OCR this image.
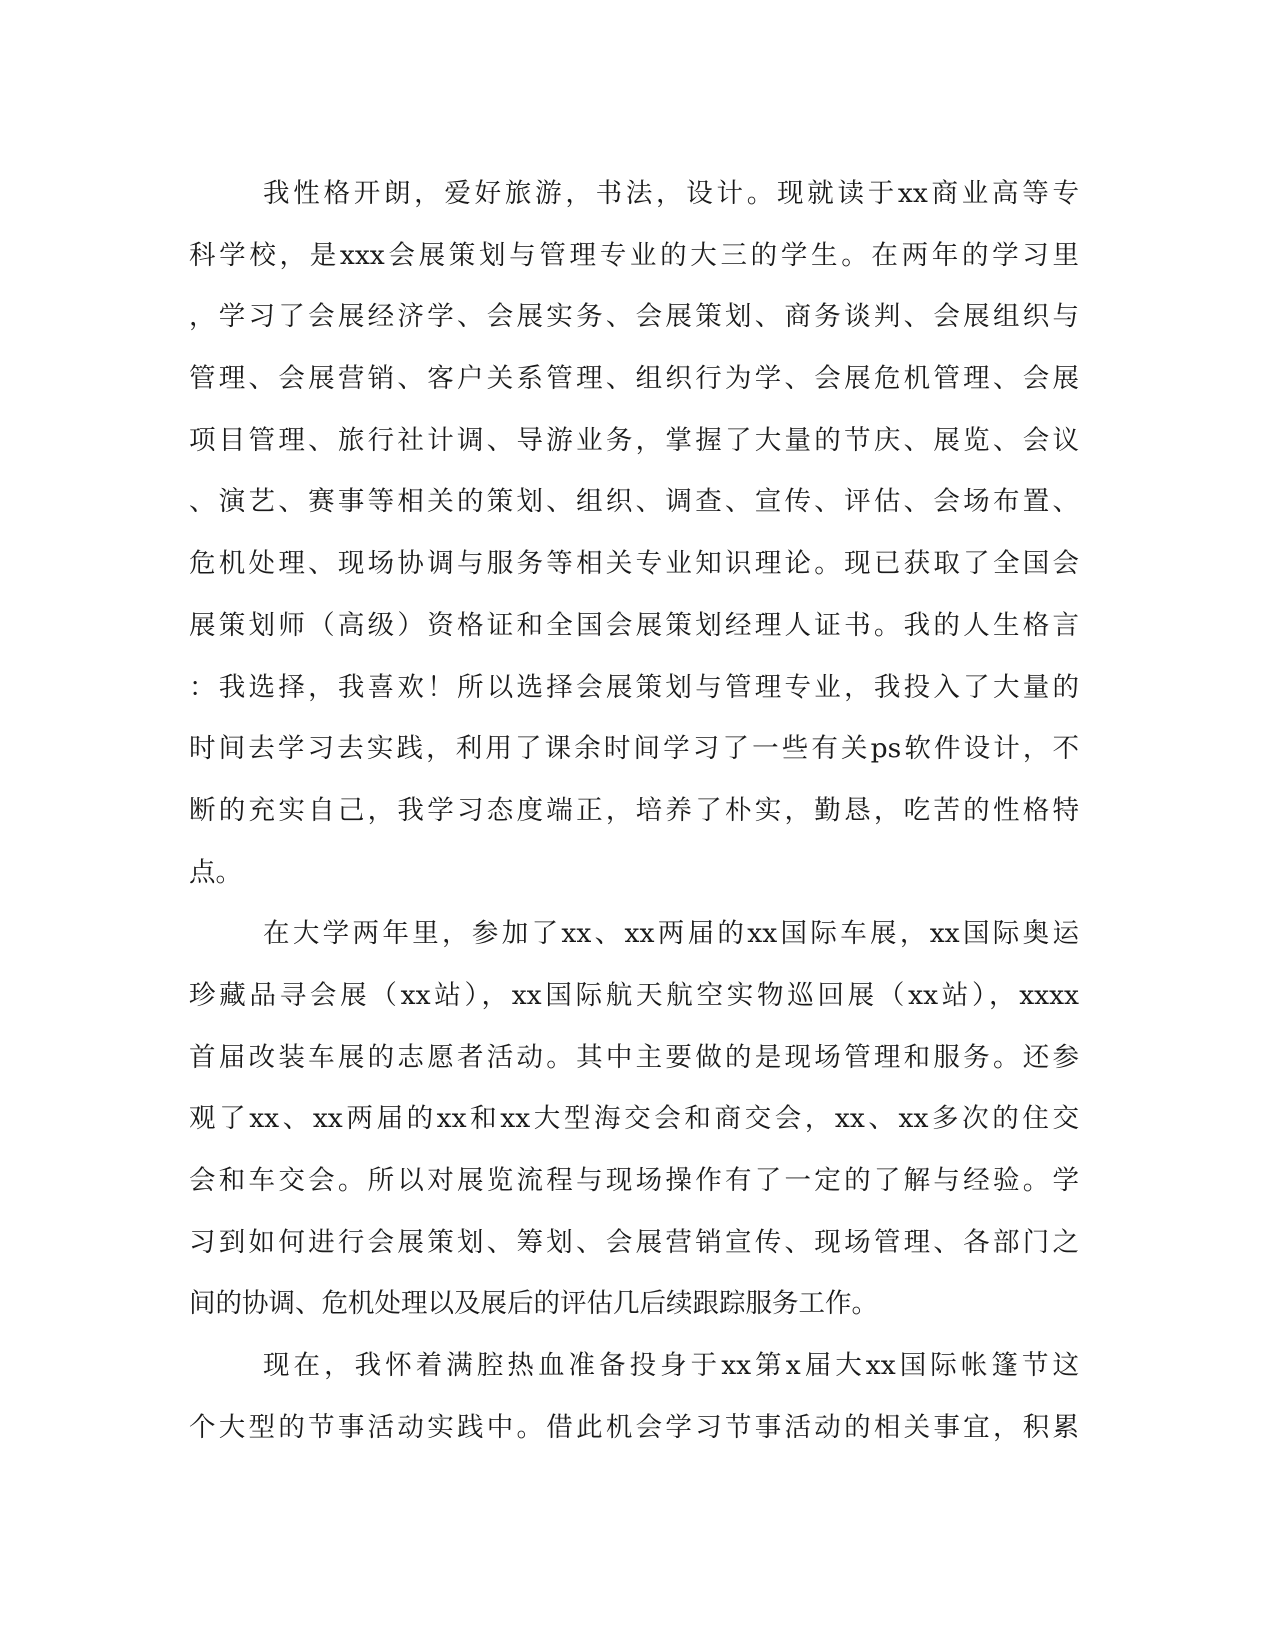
我性格开朗，爱好旅游，书法，设计。现就读于xx商业高等专
科学校，是xxx会展策划与管理专业的大三的学生。在两年的学习里
，学习了会展经济学、会展实务、会展策划、商务谈判、会展组织与
管理、会展营销、客户关系管理、组织行为学、会展危机管理、会展
项目管理、旅行社计调、导游业务，掌握了大量的节庆、展览、会议
、演艺、赛事等相关的策划、组织、调查、宣传、评估、会场布置、
危机处理、现场协调与服务等相关专业知识理论。现已获取了全国会
展策划师（高级）资格证和全国会展策划经理人证书。我的人生格言
：我选择，我喜欢！所以选择会展策划与管理专业，我投入了大量的
时间去学习去实践，利用了课余时间学习了一些有关ps软件设计，不
断的充实自己，我学习态度端正，培养了朴实，勤恳，吃苦的性格特
点。
在大学两年里，参加了xx、xx两届的xx国际车展，xx国际奥运
珍藏品寻会展（xx站），xx国际航天航空实物巡回展（xx站），xxxx
首届改装车展的志愿者活动。其中主要做的是现场管理和服务。还参
观了xx、xx两届的xx和xx大型海交会和商交会，xx、xx多次的住交
会和车交会。所以对展览流程与现场操作有了一定的了解与经验。学
习到如何进行会展策划、筹划、会展营销宣传、现场管理、各部门之
间的协调、危机处理以及展后的评估几后续跟踪服务工作。
现在，我怀着满腔热血准备投身于xx第x届大xx国际帐篷节这
个大型的节事活动实践中。借此机会学习节事活动的相关事宜，积累
